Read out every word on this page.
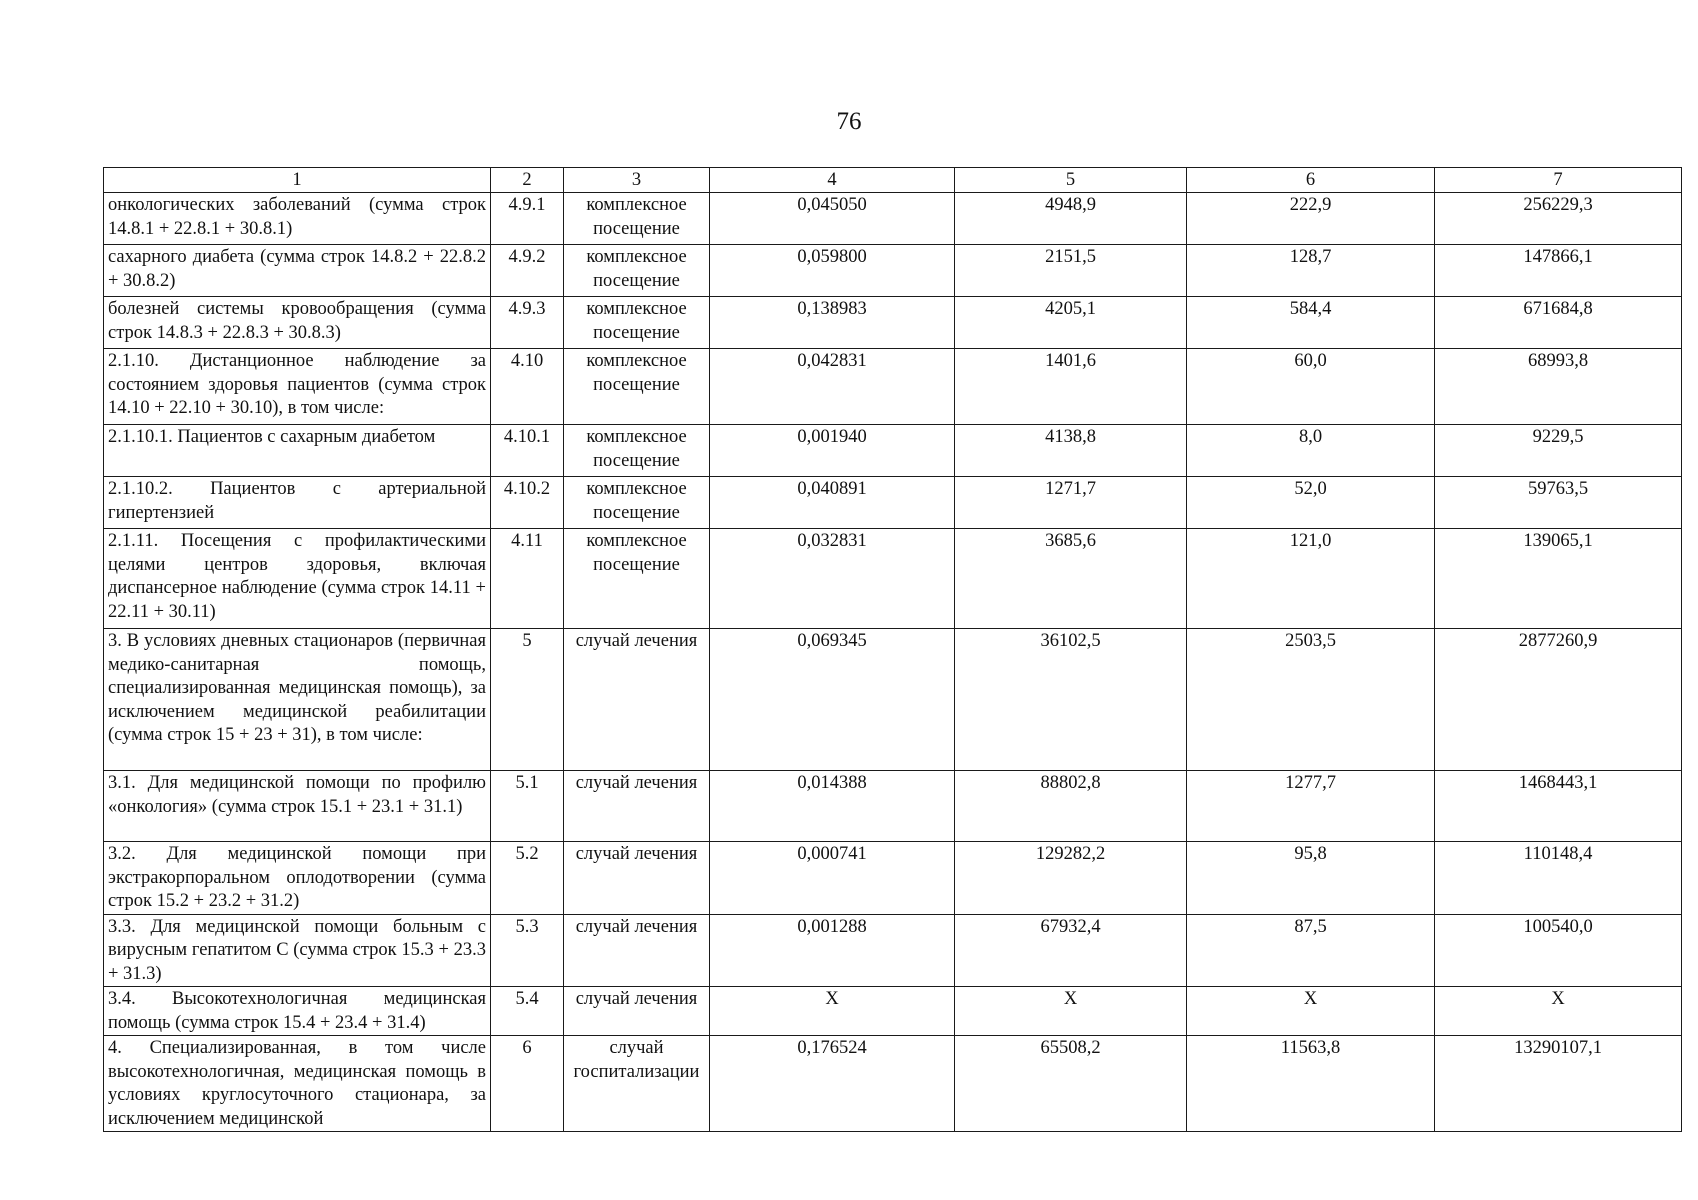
76
1	2	3	4	5	6	7
онкологических заболеваний (сумма строк 14.8.1 + 22.8.1 + 30.8.1)	4.9.1	комплексное посещение	0,045050	4948,9	222,9	256229,3
сахарного диабета (сумма строк 14.8.2 + 22.8.2 + 30.8.2)	4.9.2	комплексное посещение	0,059800	2151,5	128,7	147866,1
болезней системы кровообращения (сумма строк 14.8.3 + 22.8.3 + 30.8.3)	4.9.3	комплексное посещение	0,138983	4205,1	584,4	671684,8
2.1.10. Дистанционное наблюдение за состоянием здоровья пациентов (сумма строк 14.10 + 22.10 + 30.10), в том числе:	4.10	комплексное посещение	0,042831	1401,6	60,0	68993,8
2.1.10.1. Пациентов с сахарным диабетом	4.10.1	комплексное посещение	0,001940	4138,8	8,0	9229,5
2.1.10.2. Пациентов с артериальной гипертензией	4.10.2	комплексное посещение	0,040891	1271,7	52,0	59763,5
2.1.11. Посещения с профилактическими целями центров здоровья, включая диспансерное наблюдение (сумма строк 14.11 + 22.11 + 30.11)	4.11	комплексное посещение	0,032831	3685,6	121,0	139065,1
3. В условиях дневных стационаров (первичная медико-санитарная помощь, специализированная медицинская помощь), за исключением медицинской реабилитации (сумма строк 15 + 23 + 31), в том числе:	5	случай лечения	0,069345	36102,5	2503,5	2877260,9
3.1. Для медицинской помощи по профилю «онкология» (сумма строк 15.1 + 23.1 + 31.1)	5.1	случай лечения	0,014388	88802,8	1277,7	1468443,1
3.2. Для медицинской помощи при экстракорпоральном оплодотворении (сумма строк 15.2 + 23.2 + 31.2)	5.2	случай лечения	0,000741	129282,2	95,8	110148,4
3.3. Для медицинской помощи больным с вирусным гепатитом С (сумма строк 15.3 + 23.3 + 31.3)	5.3	случай лечения	0,001288	67932,4	87,5	100540,0
3.4. Высокотехнологичная медицинская помощь (сумма строк 15.4 + 23.4 + 31.4)	5.4	случай лечения	Х	Х	Х	Х
4. Специализированная, в том числе высокотехнологичная, медицинская помощь в условиях круглосуточного стационара, за исключением медицинской	6	случай госпитализации	0,176524	65508,2	11563,8	13290107,1
